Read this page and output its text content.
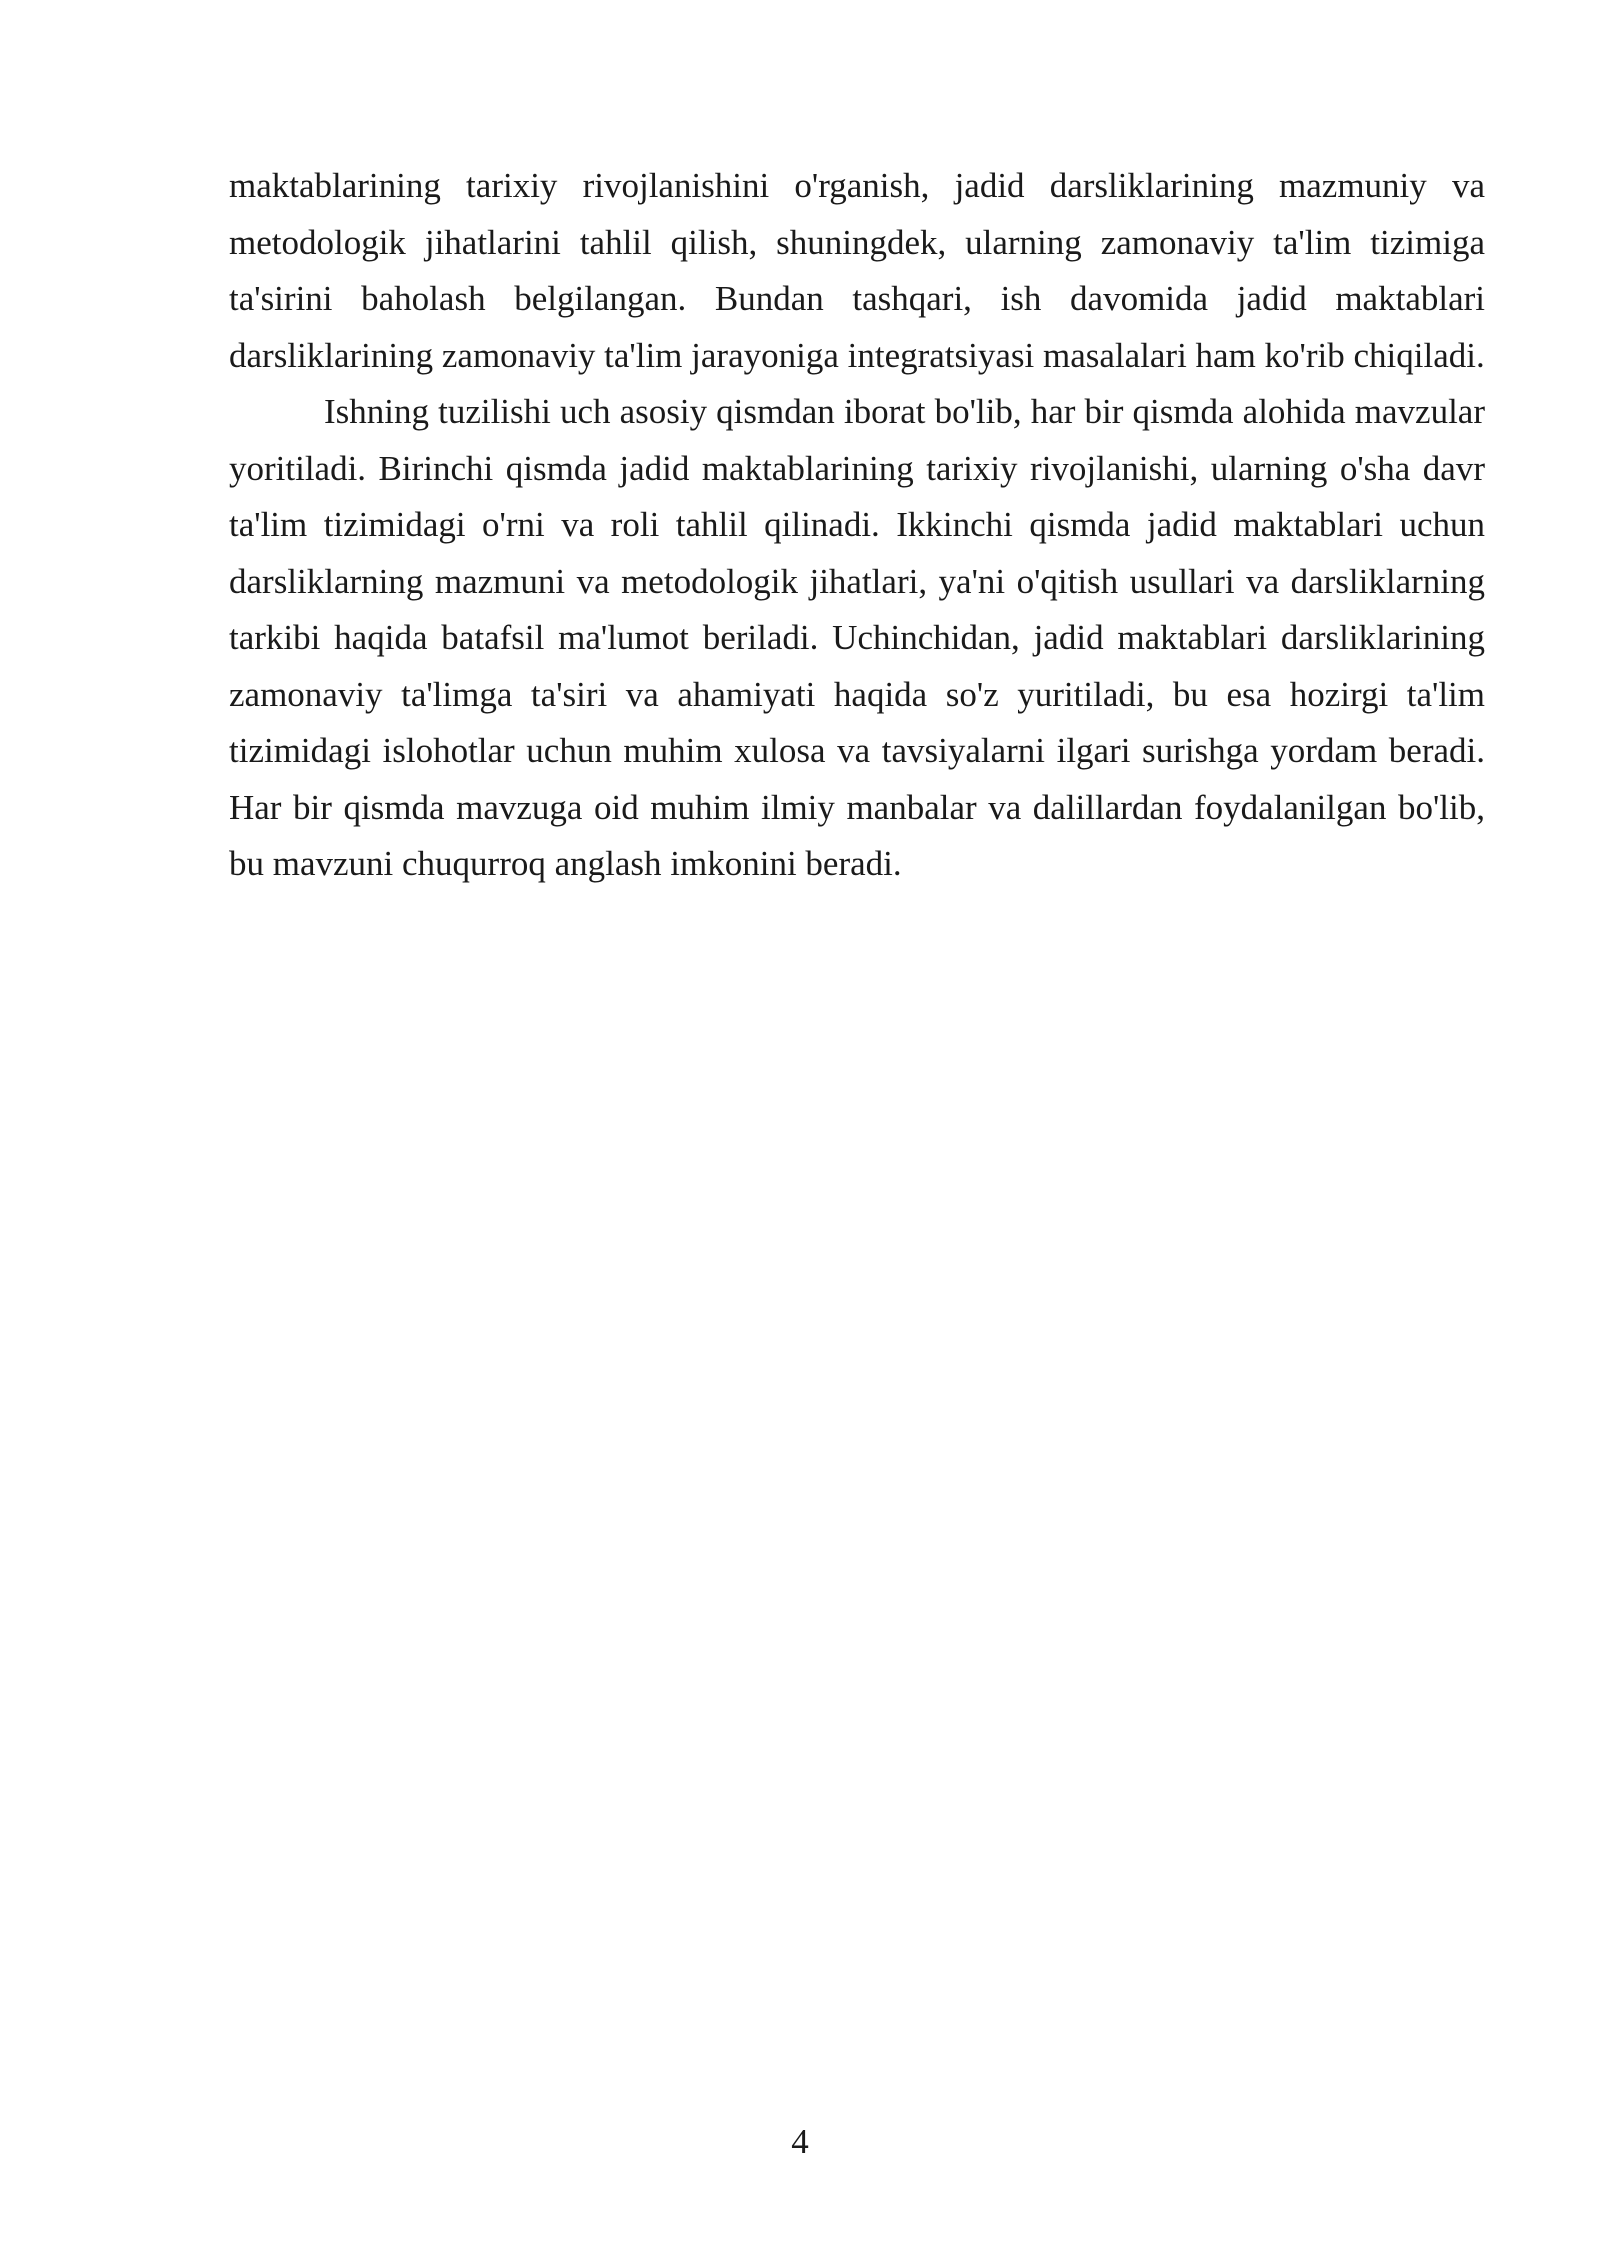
maktablarining tarixiy rivojlanishini o'rganish, jadid darsliklarining mazmuniy va metodologik jihatlarini tahlil qilish, shuningdek, ularning zamonaviy ta'lim tizimiga ta'sirini baholash belgilangan. Bundan tashqari, ish davomida jadid maktablari darsliklarining zamonaviy ta'lim jarayoniga integratsiyasi masalalari ham ko'rib chiqiladi.

Ishning tuzilishi uch asosiy qismdan iborat bo'lib, har bir qismda alohida mavzular yoritiladi. Birinchi qismda jadid maktablarining tarixiy rivojlanishi, ularning o'sha davr ta'lim tizimidagi o'rni va roli tahlil qilinadi. Ikkinchi qismda jadid maktablari uchun darsliklarning mazmuni va metodologik jihatlari, ya'ni o'qitish usullari va darsliklarning tarkibi haqida batafsil ma'lumot beriladi. Uchinchidan, jadid maktablari darsliklarining zamonaviy ta'limga ta'siri va ahamiyati haqida so'z yuritiladi, bu esa hozirgi ta'lim tizimidagi islohotlar uchun muhim xulosa va tavsiyalarni ilgari surishga yordam beradi. Har bir qismda mavzuga oid muhim ilmiy manbalar va dalillardan foydalanilgan bo'lib, bu mavzuni chuqurroq anglash imkonini beradi.

4
